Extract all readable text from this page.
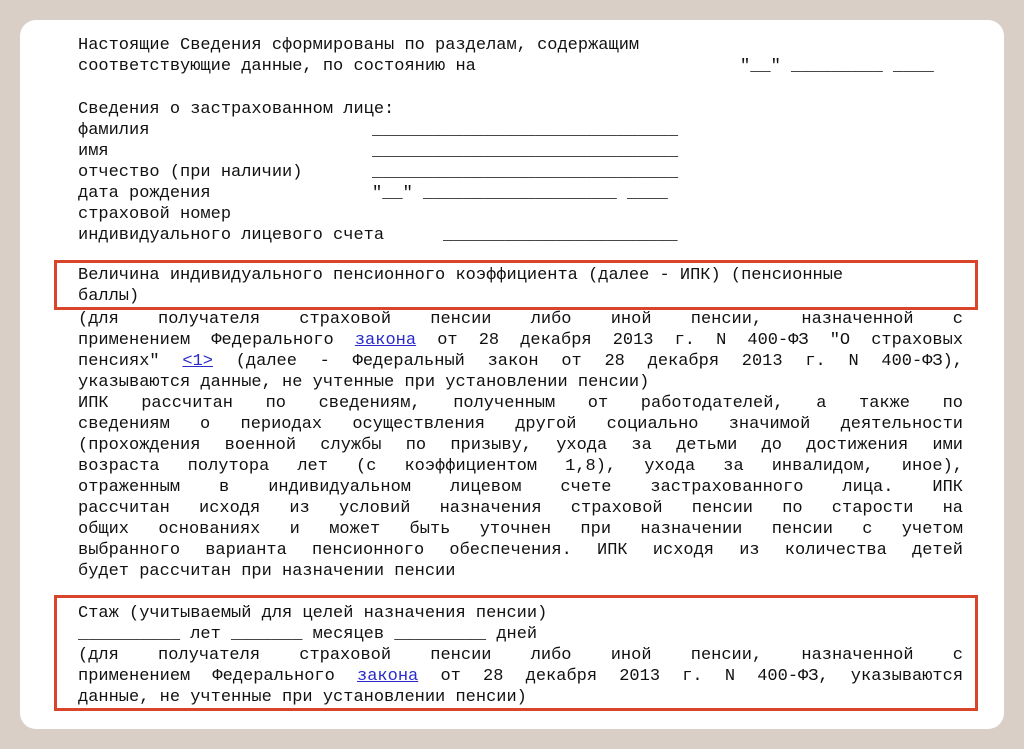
Настоящие Сведения сформированы по разделам, содержащим
соответствующие данные, по состоянию на	"__" _________ ____
Сведения о застрахованном лице:
фамилия	______________________________
имя	______________________________
отчество (при наличии)	______________________________
дата рождения	"__" ___________________ ____
страховой номер
индивидуального лицевого счета	_______________________
Величина индивидуального пенсионного коэффициента (далее - ИПК) (пенсионные
баллы)
(для получателя страховой пенсии либо иной пенсии, назначенной с
применением Федерального закона от 28 декабря 2013 г. N 400-ФЗ "О страховых
пенсиях" <1> (далее - Федеральный закон от 28 декабря 2013 г. N 400-ФЗ),
указываются данные, не учтенные при установлении пенсии)
ИПК рассчитан по сведениям, полученным от работодателей, а также по
сведениям о периодах осуществления другой социально значимой деятельности
(прохождения военной службы по призыву, ухода за детьми до достижения ими
возраста полутора лет (с коэффициентом 1,8), ухода за инвалидом, иное),
отраженным в индивидуальном лицевом счете застрахованного лица. ИПК
рассчитан исходя из условий назначения страховой пенсии по старости на
общих основаниях и может быть уточнен при назначении пенсии с учетом
выбранного варианта пенсионного обеспечения. ИПК исходя из количества детей
будет рассчитан при назначении пенсии
Стаж (учитываемый для целей назначения пенсии)
__________ лет _______ месяцев _________ дней
(для получателя страховой пенсии либо иной пенсии, назначенной с
применением Федерального закона от 28 декабря 2013 г. N 400-ФЗ, указываются
данные, не учтенные при установлении пенсии)
